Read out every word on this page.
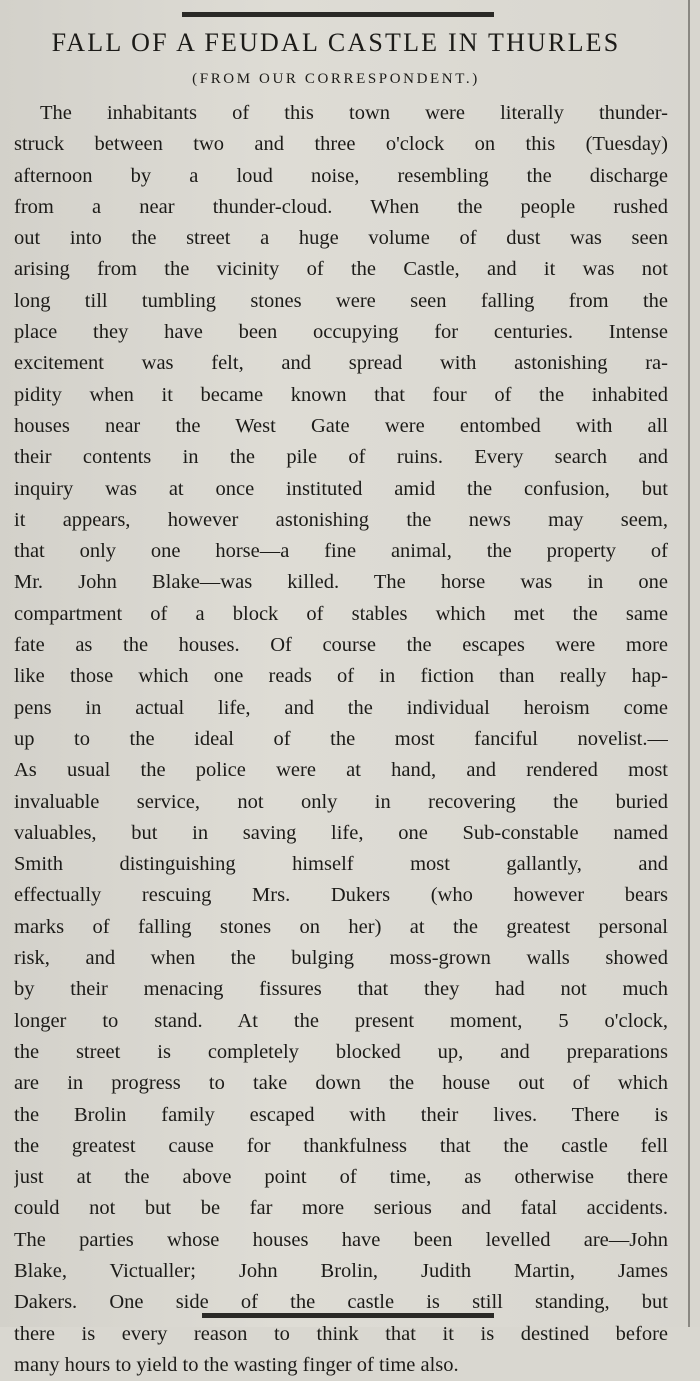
FALL OF A FEUDAL CASTLE IN THURLES
(FROM OUR CORRESPONDENT.)
The inhabitants of this town were literally thunder-
struck between two and three o'clock on this (Tuesday)
afternoon by a loud noise, resembling the discharge
from a near thunder-cloud. When the people rushed
out into the street a huge volume of dust was seen
arising from the vicinity of the Castle, and it was not
long till tumbling stones were seen falling from the
place they have been occupying for centuries. Intense
excitement was felt, and spread with astonishing ra-
pidity when it became known that four of the inhabited
houses near the West Gate were entombed with all
their contents in the pile of ruins. Every search and
inquiry was at once instituted amid the confusion, but
it appears, however astonishing the news may seem,
that only one horse—a fine animal, the property of
Mr. John Blake—was killed. The horse was in one
compartment of a block of stables which met the same
fate as the houses. Of course the escapes were more
like those which one reads of in fiction than really hap-
pens in actual life, and the individual heroism come
up to the ideal of the most fanciful novelist.—
As usual the police were at hand, and rendered most
invaluable service, not only in recovering the buried
valuables, but in saving life, one Sub-constable named
Smith distinguishing himself most gallantly, and
effectually rescuing Mrs. Dukers (who however bears
marks of falling stones on her) at the greatest personal
risk, and when the bulging moss-grown walls showed
by their menacing fissures that they had not much
longer to stand. At the present moment, 5 o'clock,
the street is completely blocked up, and preparations
are in progress to take down the house out of which
the Brolin family escaped with their lives. There is
the greatest cause for thankfulness that the castle fell
just at the above point of time, as otherwise there
could not but be far more serious and fatal accidents.
The parties whose houses have been levelled are—John
Blake, Victualler; John Brolin, Judith Martin, James
Dakers. One side of the castle is still standing, but
there is every reason to think that it is destined before
many hours to yield to the wasting finger of time also.
